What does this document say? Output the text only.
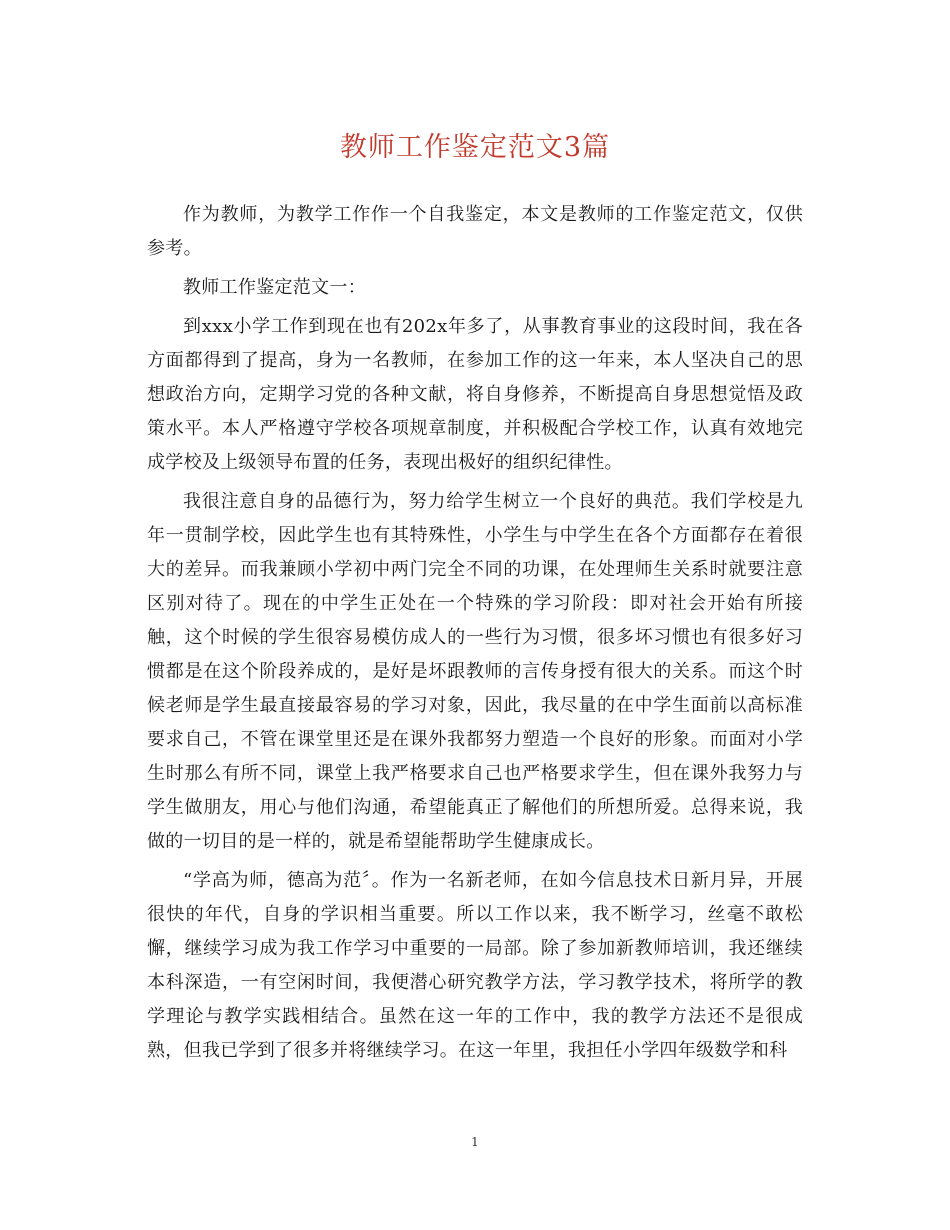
教师工作鉴定范文3篇

作为教师，为教学工作作一个自我鉴定，本文是教师的工作鉴定范文，仅供参考。

教师工作鉴定范文一：

到xxx小学工作到现在也有202x年多了，从事教育事业的这段时间，我在各方面都得到了提高，身为一名教师，在参加工作的这一年来，本人坚决自己的思想政治方向，定期学习党的各种文献，将自身修养，不断提高自身思想觉悟及政策水平。本人严格遵守学校各项规章制度，并积极配合学校工作，认真有效地完成学校及上级领导布置的任务，表现出极好的组织纪律性。

我很注意自身的品德行为，努力给学生树立一个良好的典范。我们学校是九年一贯制学校，因此学生也有其特殊性，小学生与中学生在各个方面都存在着很大的差异。而我兼顾小学初中两门完全不同的功课，在处理师生关系时就要注意区别对待了。现在的中学生正处在一个特殊的学习阶段：即对社会开始有所接触，这个时候的学生很容易模仿成人的一些行为习惯，很多坏习惯也有很多好习惯都是在这个阶段养成的，是好是坏跟教师的言传身授有很大的关系。而这个时候老师是学生最直接最容易的学习对象，因此，我尽量的在中学生面前以高标准要求自己，不管在课堂里还是在课外我都努力塑造一个良好的形象。而面对小学生时那么有所不同，课堂上我严格要求自己也严格要求学生，但在课外我努力与学生做朋友，用心与他们沟通，希望能真正了解他们的所想所爱。总得来说，我做的一切目的是一样的，就是希望能帮助学生健康成长。

“学高为师，德高为范〞。作为一名新老师，在如今信息技术日新月异，开展很快的年代，自身的学识相当重要。所以工作以来，我不断学习，丝毫不敢松懈，继续学习成为我工作学习中重要的一局部。除了参加新教师培训，我还继续本科深造，一有空闲时间，我便潜心研究教学方法，学习教学技术，将所学的教学理论与教学实践相结合。虽然在这一年的工作中，我的教学方法还不是很成熟，但我已学到了很多并将继续学习。在这一年里，我担任小学四年级数学和科

1
